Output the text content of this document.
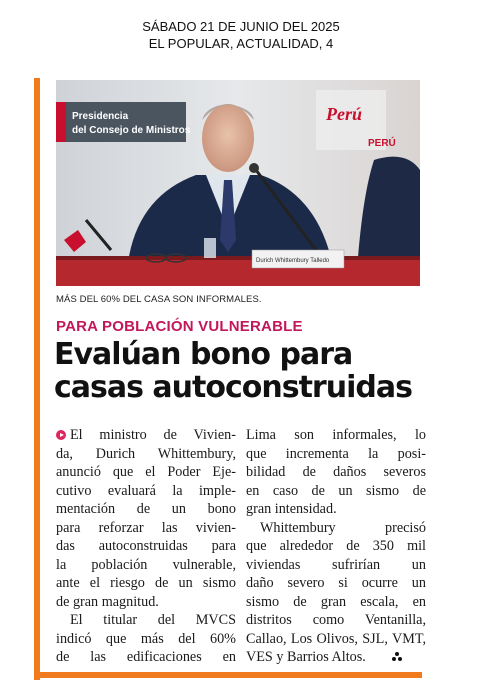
SÁBADO 21 DE JUNIO DEL 2025
EL POPULAR, ACTUALIDAD, 4
Presidencia
del Consejo de Ministros
Perú
PERÚ
Durich Whittembury Talledo
MÁS DEL 60% DEL CASA SON INFORMALES.
PARA POBLACIÓN VULNERABLE
Evalúan bono para
casas autoconstruidas
El ministro de Vivien-
da, Durich Whittembury,
anunció que el Poder Eje-
cutivo evaluará la imple-
mentación de un bono
para reforzar las vivien-
das autoconstruidas para
la población vulnerable,
ante el riesgo de un sismo
de gran magnitud.
El titular del MVCS
indicó que más del 60%
de las edificaciones en
Lima son informales, lo
que incrementa la posi-
bilidad de daños severos
en caso de un sismo de
gran intensidad.
Whittembury precisó
que alrededor de 350 mil
viviendas sufrirían un
daño severo si ocurre un
sismo de gran escala, en
distritos como Ventanilla,
Callao, Los Olivos, SJL, VMT,
VES y Barrios Altos.
